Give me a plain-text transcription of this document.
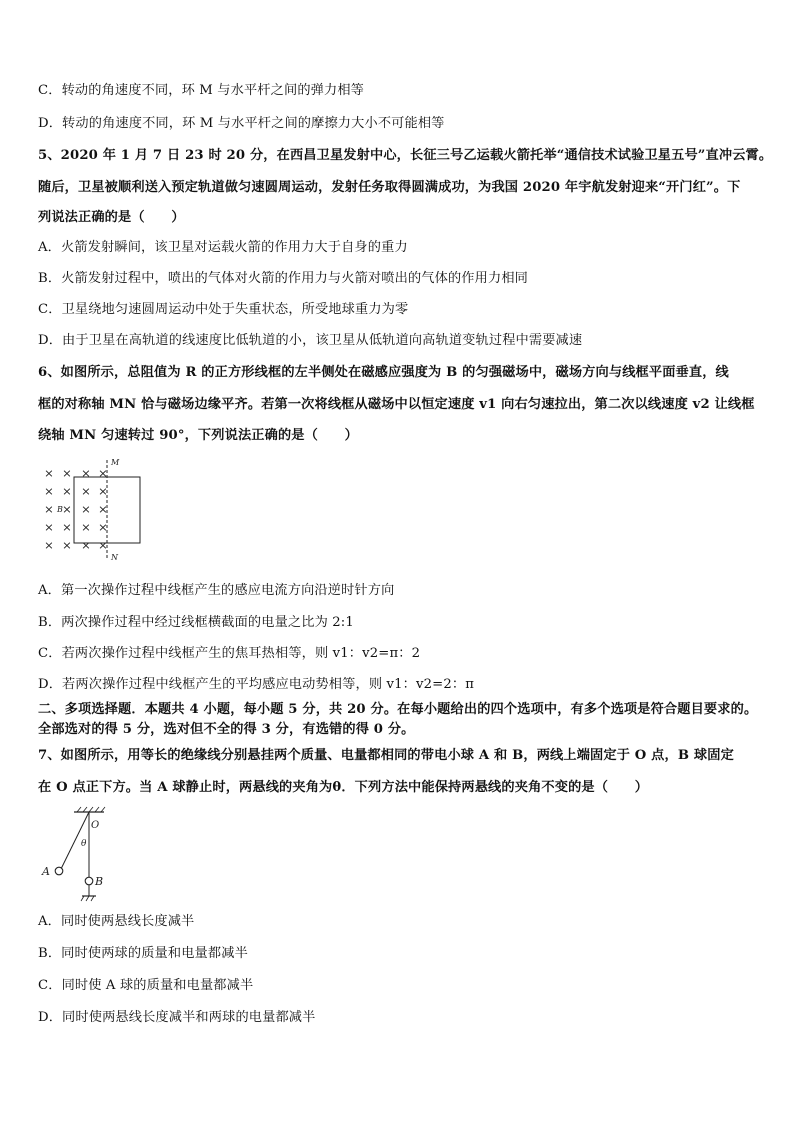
C．转动的角速度不同，环 M 与水平杆之间的弹力相等
D．转动的角速度不同，环 M 与水平杆之间的摩擦力大小不可能相等
5、2020 年 1 月 7 日 23 时 20 分，在西昌卫星发射中心，长征三号乙运载火箭托举“通信技术试验卫星五号”直冲云霄。
随后，卫星被顺利送入预定轨道做匀速圆周运动，发射任务取得圆满成功，为我国 2020 年宇航发射迎来“开门红”。下
列说法正确的是（　　）
A．火箭发射瞬间，该卫星对运载火箭的作用力大于自身的重力
B．火箭发射过程中，喷出的气体对火箭的作用力与火箭对喷出的气体的作用力相同
C．卫星绕地匀速圆周运动中处于失重状态，所受地球重力为零
D．由于卫星在高轨道的线速度比低轨道的小，该卫星从低轨道向高轨道变轨过程中需要减速
6、如图所示，总阻值为 R 的正方形线框的左半侧处在磁感应强度为 B 的匀强磁场中，磁场方向与线框平面垂直，线
框的对称轴 MN 恰与磁场边缘平齐。若第一次将线框从磁场中以恒定速度 v1 向右匀速拉出，第二次以线速度 v2 让线框
绕轴 MN 匀速转过 90°，下列说法正确的是（　　）
× × × ×
× × × ×
× × × ×
× × × ×
× × × ×
M
N
B
A．第一次操作过程中线框产生的感应电流方向沿逆时针方向
B．两次操作过程中经过线框横截面的电量之比为 2:1
C．若两次操作过程中线框产生的焦耳热相等，则 v1：v2=π：2
D．若两次操作过程中线框产生的平均感应电动势相等，则 v1：v2=2：π
二、多项选择题．本题共 4 小题，每小题 5 分，共 20 分。在每小题给出的四个选项中，有多个选项是符合题目要求的。
全部选对的得 5 分，选对但不全的得 3 分，有选错的得 0 分。
7、如图所示，用等长的绝缘线分别悬挂两个质量、电量都相同的带电小球 A 和 B，两线上端固定于 O 点，B 球固定
在 O 点正下方。当 A 球静止时，两悬线的夹角为θ．下列方法中能保持两悬线的夹角不变的是（　　）
O
θ
A
B
A．同时使两悬线长度减半
B．同时使两球的质量和电量都减半
C．同时使 A 球的质量和电量都减半
D．同时使两悬线长度减半和两球的电量都减半
